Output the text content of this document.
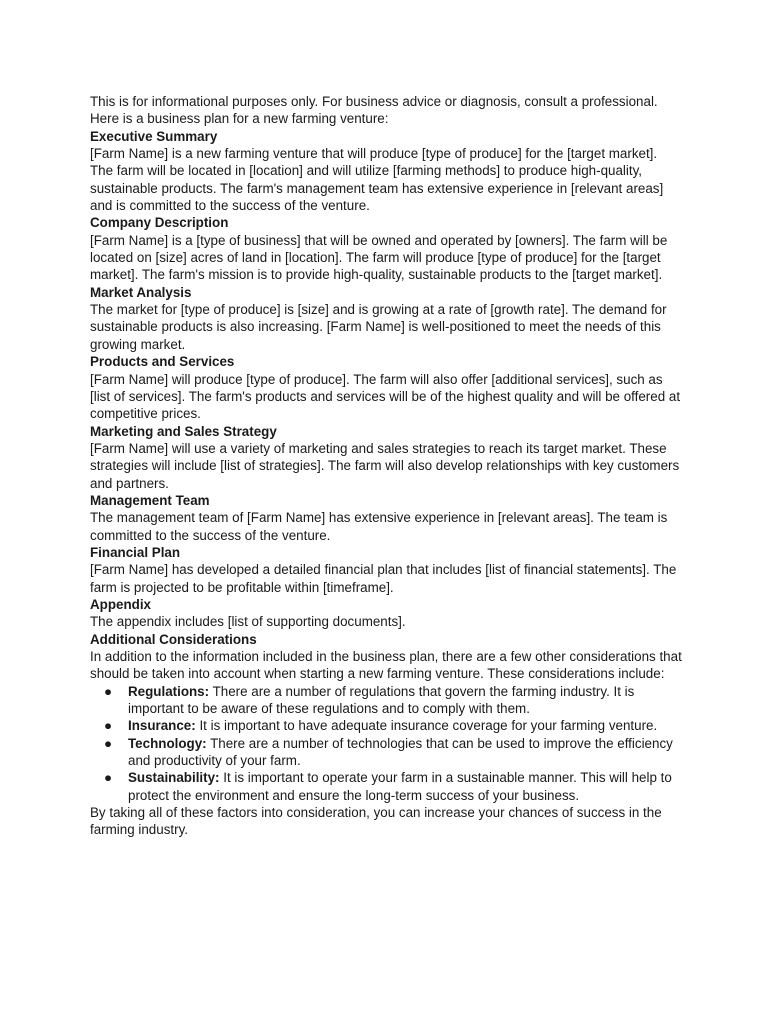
This is for informational purposes only. For business advice or diagnosis, consult a professional.

Here is a business plan for a new farming venture:

Executive Summary

[Farm Name] is a new farming venture that will produce [type of produce] for the [target market]. The farm will be located in [location] and will utilize [farming methods] to produce high-quality, sustainable products. The farm's management team has extensive experience in [relevant areas] and is committed to the success of the venture.

Company Description

[Farm Name] is a [type of business] that will be owned and operated by [owners]. The farm will be located on [size] acres of land in [location]. The farm will produce [type of produce] for the [target market]. The farm's mission is to provide high-quality, sustainable products to the [target market].

Market Analysis

The market for [type of produce] is [size] and is growing at a rate of [growth rate]. The demand for sustainable products is also increasing. [Farm Name] is well-positioned to meet the needs of this growing market.

Products and Services

[Farm Name] will produce [type of produce]. The farm will also offer [additional services], such as [list of services]. The farm's products and services will be of the highest quality and will be offered at competitive prices.

Marketing and Sales Strategy

[Farm Name] will use a variety of marketing and sales strategies to reach its target market. These strategies will include [list of strategies]. The farm will also develop relationships with key customers and partners.

Management Team

The management team of [Farm Name] has extensive experience in [relevant areas]. The team is committed to the success of the venture.

Financial Plan

[Farm Name] has developed a detailed financial plan that includes [list of financial statements]. The farm is projected to be profitable within [timeframe].

Appendix

The appendix includes [list of supporting documents].

Additional Considerations

In addition to the information included in the business plan, there are a few other considerations that should be taken into account when starting a new farming venture. These considerations include:

● Regulations: There are a number of regulations that govern the farming industry. It is important to be aware of these regulations and to comply with them.
● Insurance: It is important to have adequate insurance coverage for your farming venture.
● Technology: There are a number of technologies that can be used to improve the efficiency and productivity of your farm.
● Sustainability: It is important to operate your farm in a sustainable manner. This will help to protect the environment and ensure the long-term success of your business.

By taking all of these factors into consideration, you can increase your chances of success in the farming industry.
